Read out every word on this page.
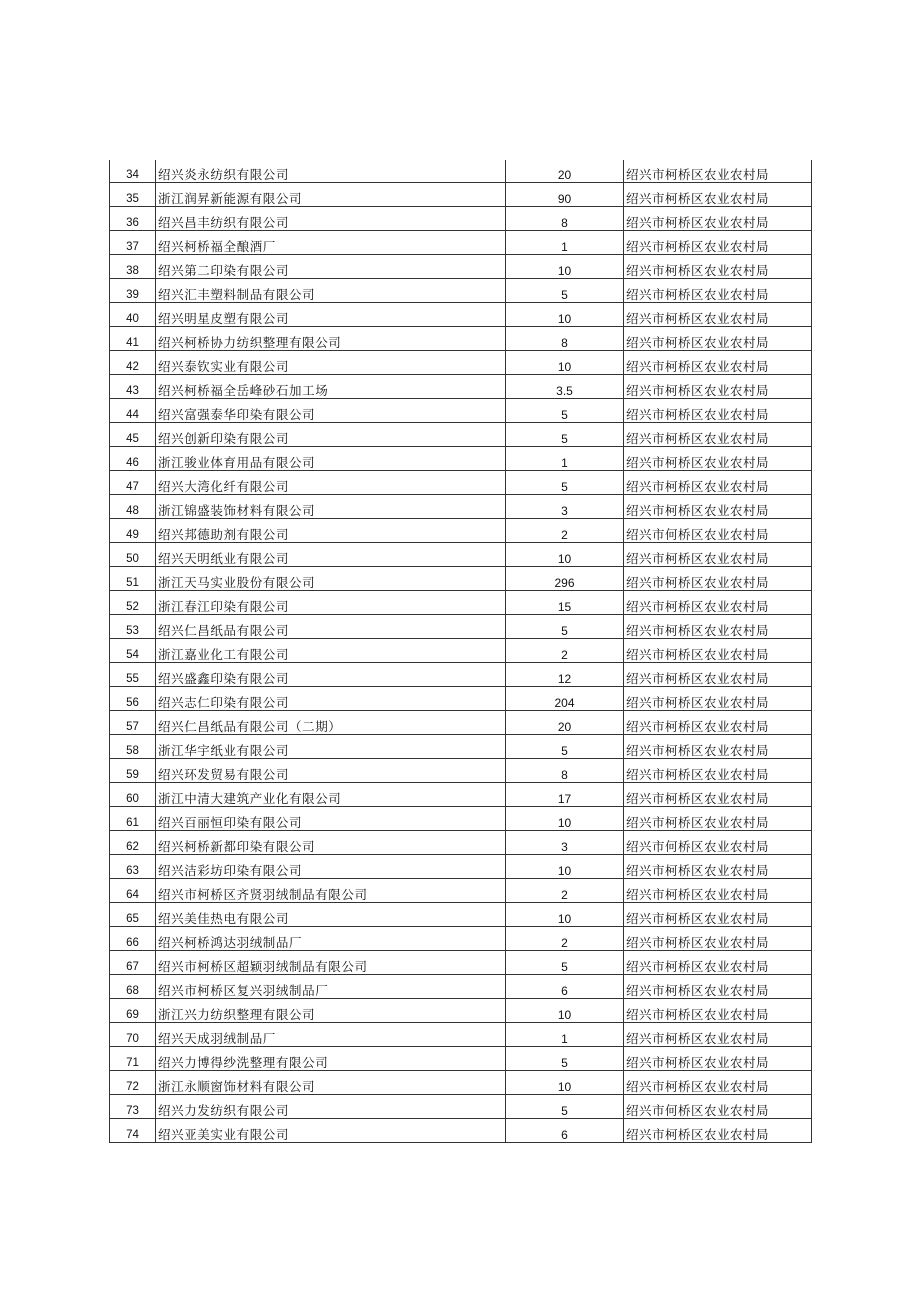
34	绍兴炎永纺织有限公司	20	绍兴市柯桥区农业农村局
35	浙江润昇新能源有限公司	90	绍兴市柯桥区农业农村局
36	绍兴昌丰纺织有限公司	8	绍兴市柯桥区农业农村局
37	绍兴柯桥福全酿酒厂	1	绍兴市柯桥区农业农村局
38	绍兴第二印染有限公司	10	绍兴市柯桥区农业农村局
39	绍兴汇丰塑料制品有限公司	5	绍兴市柯桥区农业农村局
40	绍兴明星皮塑有限公司	10	绍兴市柯桥区农业农村局
41	绍兴柯桥协力纺织整理有限公司	8	绍兴市柯桥区农业农村局
42	绍兴泰钦实业有限公司	10	绍兴市柯桥区农业农村局
43	绍兴柯桥福全岳峰砂石加工场	3.5	绍兴市柯桥区农业农村局
44	绍兴富强泰华印染有限公司	5	绍兴市柯桥区农业农村局
45	绍兴创新印染有限公司	5	绍兴市柯桥区农业农村局
46	浙江骏业体育用品有限公司	1	绍兴市柯桥区农业农村局
47	绍兴大湾化纤有限公司	5	绍兴市柯桥区农业农村局
48	浙江锦盛装饰材料有限公司	3	绍兴市柯桥区农业农村局
49	绍兴邦德助剂有限公司	2	绍兴市何桥区农业农村局
50	绍兴天明纸业有限公司	10	绍兴市柯桥区农业农村局
51	浙江天马实业股份有限公司	296	绍兴市柯桥区农业农村局
52	浙江春江印染有限公司	15	绍兴市柯桥区农业农村局
53	绍兴仁昌纸品有限公司	5	绍兴市柯桥区农业农村局
54	浙江嘉业化工有限公司	2	绍兴市柯桥区农业农村局
55	绍兴盛鑫印染有限公司	12	绍兴市柯桥区农业农村局
56	绍兴志仁印染有限公司	204	绍兴市柯桥区农业农村局
57	绍兴仁昌纸品有限公司（二期）	20	绍兴市柯桥区农业农村局
58	浙江华宇纸业有限公司	5	绍兴市柯桥区农业农村局
59	绍兴环发贸易有限公司	8	绍兴市柯桥区农业农村局
60	浙江中清大建筑产业化有限公司	17	绍兴市柯桥区农业农村局
61	绍兴百丽恒印染有限公司	10	绍兴市柯桥区农业农村局
62	绍兴柯桥新都印染有限公司	3	绍兴市何桥区农业农村局
63	绍兴洁彩坊印染有限公司	10	绍兴市柯桥区农业农村局
64	绍兴市柯桥区齐贤羽绒制品有限公司	2	绍兴市柯桥区农业农村局
65	绍兴美佳热电有限公司	10	绍兴市柯桥区农业农村局
66	绍兴柯桥鸿达羽绒制品厂	2	绍兴市柯桥区农业农村局
67	绍兴市柯桥区超颖羽绒制品有限公司	5	绍兴市柯桥区农业农村局
68	绍兴市柯桥区复兴羽绒制品厂	6	绍兴市柯桥区农业农村局
69	浙江兴力纺织整理有限公司	10	绍兴市柯桥区农业农村局
70	绍兴天成羽绒制品厂	1	绍兴市柯桥区农业农村局
71	绍兴力博得纱洗整理有限公司	5	绍兴市柯桥区农业农村局
72	浙江永顺窗饰材料有限公司	10	绍兴市柯桥区农业农村局
73	绍兴力发纺织有限公司	5	绍兴市何桥区农业农村局
74	绍兴亚美实业有限公司	6	绍兴市柯桥区农业农村局
